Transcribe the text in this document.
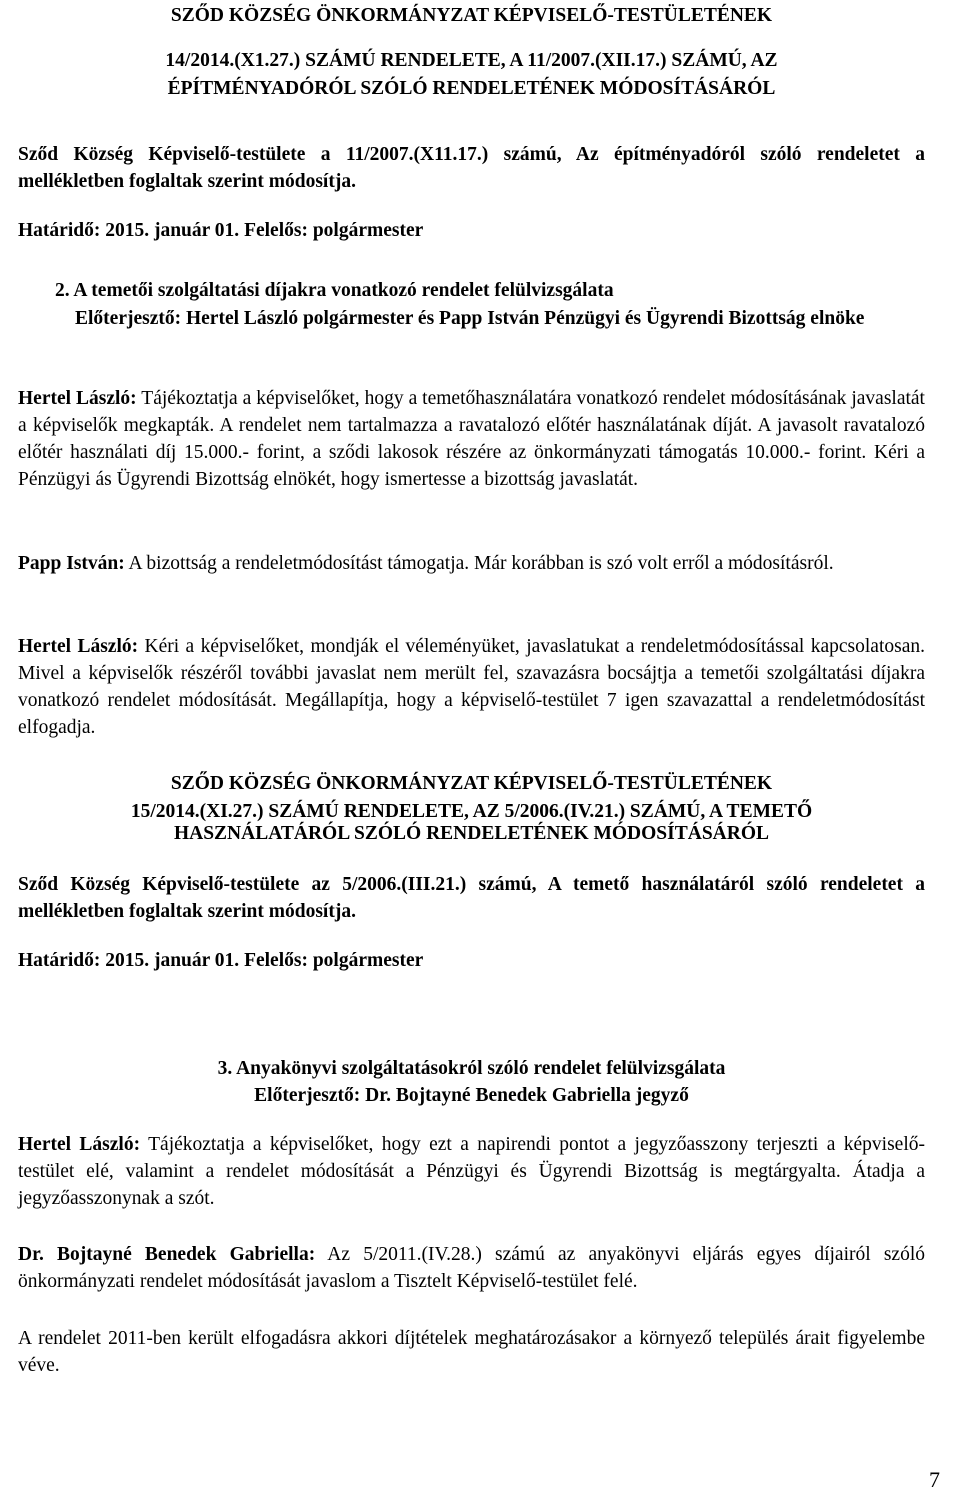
SZŐD KÖZSÉG ÖNKORMÁNYZAT KÉPVISELŐ-TESTÜLETÉNEK

14/2014.(X1.27.) SZÁMÚ RENDELETE, A 11/2007.(XII.17.) SZÁMÚ, AZ

ÉPÍTMÉNYADÓRÓL SZÓLÓ RENDELETÉNEK MÓDOSÍTÁSÁRÓL

Sződ Község Képviselő-testülete a 11/2007.(X11.17.) számú, Az építményadóról szóló rendeletet a mellékletben foglaltak szerint módosítja.

Határidő: 2015. január 01. Felelős: polgármester

2. A temetői szolgáltatási díjakra vonatkozó rendelet felülvizsgálata

Előterjesztő: Hertel László polgármester és Papp István Pénzügyi és Ügyrendi Bizottság elnöke

Hertel László: Tájékoztatja a képviselőket, hogy a temetőhasználatára vonatkozó rendelet módosításának javaslatát a képviselők megkapták. A rendelet nem tartalmazza a ravatalozó előtér használatának díját. A javasolt ravatalozó előtér használati díj 15.000.- forint, a sződi lakosok részére az önkormányzati támogatás 10.000.- forint. Kéri a Pénzügyi ás Ügyrendi Bizottság elnökét, hogy ismertesse a bizottság javaslatát.

Papp István: A bizottság a rendeletmódosítást támogatja. Már korábban is szó volt erről a módosításról.

Hertel László: Kéri a képviselőket, mondják el véleményüket, javaslatukat a rendeletmódosítással kapcsolatosan. Mivel a képviselők részéről további javaslat nem merült fel, szavazásra bocsájtja a temetői szolgáltatási díjakra vonatkozó rendelet módosítását. Megállapítja, hogy a képviselő-testület 7 igen szavazattal a rendeletmódosítást elfogadja.

SZŐD KÖZSÉG ÖNKORMÁNYZAT KÉPVISELŐ-TESTÜLETÉNEK

15/2014.(XI.27.) SZÁMÚ RENDELETE, AZ 5/2006.(IV.21.) SZÁMÚ, A TEMETŐ

HASZNÁLATÁRÓL SZÓLÓ RENDELETÉNEK MÓDOSÍTÁSÁRÓL

Sződ Község Képviselő-testülete az 5/2006.(III.21.) számú, A temető használatáról szóló rendeletet a mellékletben foglaltak szerint módosítja.

Határidő: 2015. január 01. Felelős: polgármester

3. Anyakönyvi szolgáltatásokról szóló rendelet felülvizsgálata

Előterjesztő: Dr. Bojtayné Benedek Gabriella jegyző

Hertel László: Tájékoztatja a képviselőket, hogy ezt a napirendi pontot a jegyzőasszony terjeszti a képviselő-testület elé, valamint a rendelet módosítását a Pénzügyi és Ügyrendi Bizottság is megtárgyalta. Átadja a jegyzőasszonynak a szót.

Dr. Bojtayné Benedek Gabriella: Az 5/2011.(IV.28.) számú az anyakönyvi eljárás egyes díjairól szóló önkormányzati rendelet módosítását javaslom a Tisztelt Képviselő-testület felé.

A rendelet 2011-ben került elfogadásra akkori díjtételek meghatározásakor a környező település árait figyelembe véve.

7
